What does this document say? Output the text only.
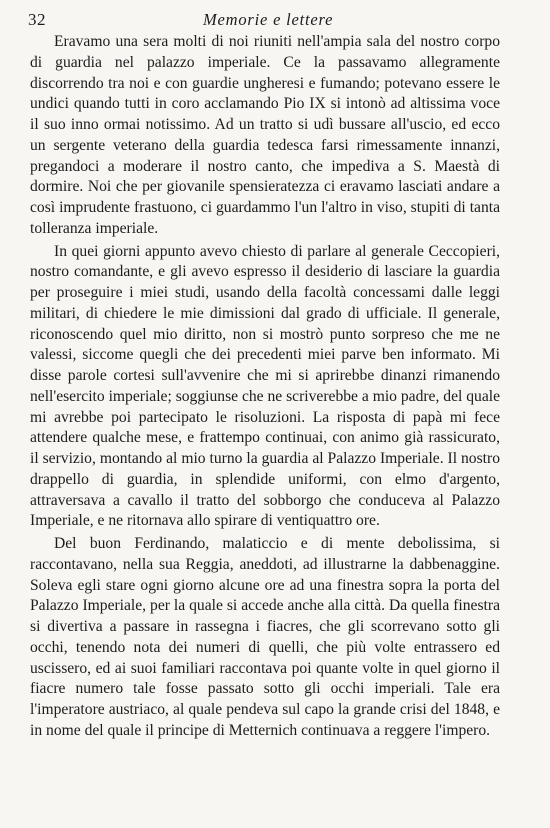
32	Memorie e lettere

Eravamo una sera molti di noi riuniti nell'ampia sala del nostro corpo di guardia nel palazzo imperiale. Ce la passavamo allegramente discorrendo tra noi e con guardie ungheresi e fumando; potevano essere le undici quando tutti in coro acclamando Pio IX si intonò ad altissima voce il suo inno ormai notissimo. Ad un tratto si udì bussare all'uscio, ed ecco un sergente veterano della guardia tedesca farsi rimessamente innanzi, pregandoci a moderare il nostro canto, che impediva a S. Maestà di dormire. Noi che per giovanile spensieratezza ci eravamo lasciati andare a così imprudente frastuono, ci guardammo l'un l'altro in viso, stupiti di tanta tolleranza imperiale.

In quei giorni appunto avevo chiesto di parlare al generale Ceccopieri, nostro comandante, e gli avevo espresso il desiderio di lasciare la guardia per proseguire i miei studi, usando della facoltà concessami dalle leggi militari, di chiedere le mie dimissioni dal grado di ufficiale. Il generale, riconoscendo quel mio diritto, non si mostrò punto sorpreso che me ne valessi, siccome quegli che dei precedenti miei parve ben informato. Mi disse parole cortesi sull'avvenire che mi si aprirebbe dinanzi rimanendo nell'esercito imperiale; soggiunse che ne scriverebbe a mio padre, del quale mi avrebbe poi partecipato le risoluzioni. La risposta di papà mi fece attendere qualche mese, e frattempo continuai, con animo già rassicurato, il servizio, montando al mio turno la guardia al Palazzo Imperiale. Il nostro drappello di guardia, in splendide uniformi, con elmo d'argento, attraversava a cavallo il tratto del sobborgo che conduceva al Palazzo Imperiale, e ne ritornava allo spirare di ventiquattro ore.

Del buon Ferdinando, malaticcio e di mente debolissima, si raccontavano, nella sua Reggia, aneddoti, ad illustrarne la dabbenaggine. Soleva egli stare ogni giorno alcune ore ad una finestra sopra la porta del Palazzo Imperiale, per la quale si accede anche alla città. Da quella finestra si divertiva a passare in rassegna i fiacres, che gli scorrevano sotto gli occhi, tenendo nota dei numeri di quelli, che più volte entrassero ed uscissero, ed ai suoi familiari raccontava poi quante volte in quel giorno il fiacre numero tale fosse passato sotto gli occhi imperiali. Tale era l'imperatore austriaco, al quale pendeva sul capo la grande crisi del 1848, e in nome del quale il principe di Metternich continuava a reggere l'impero.
